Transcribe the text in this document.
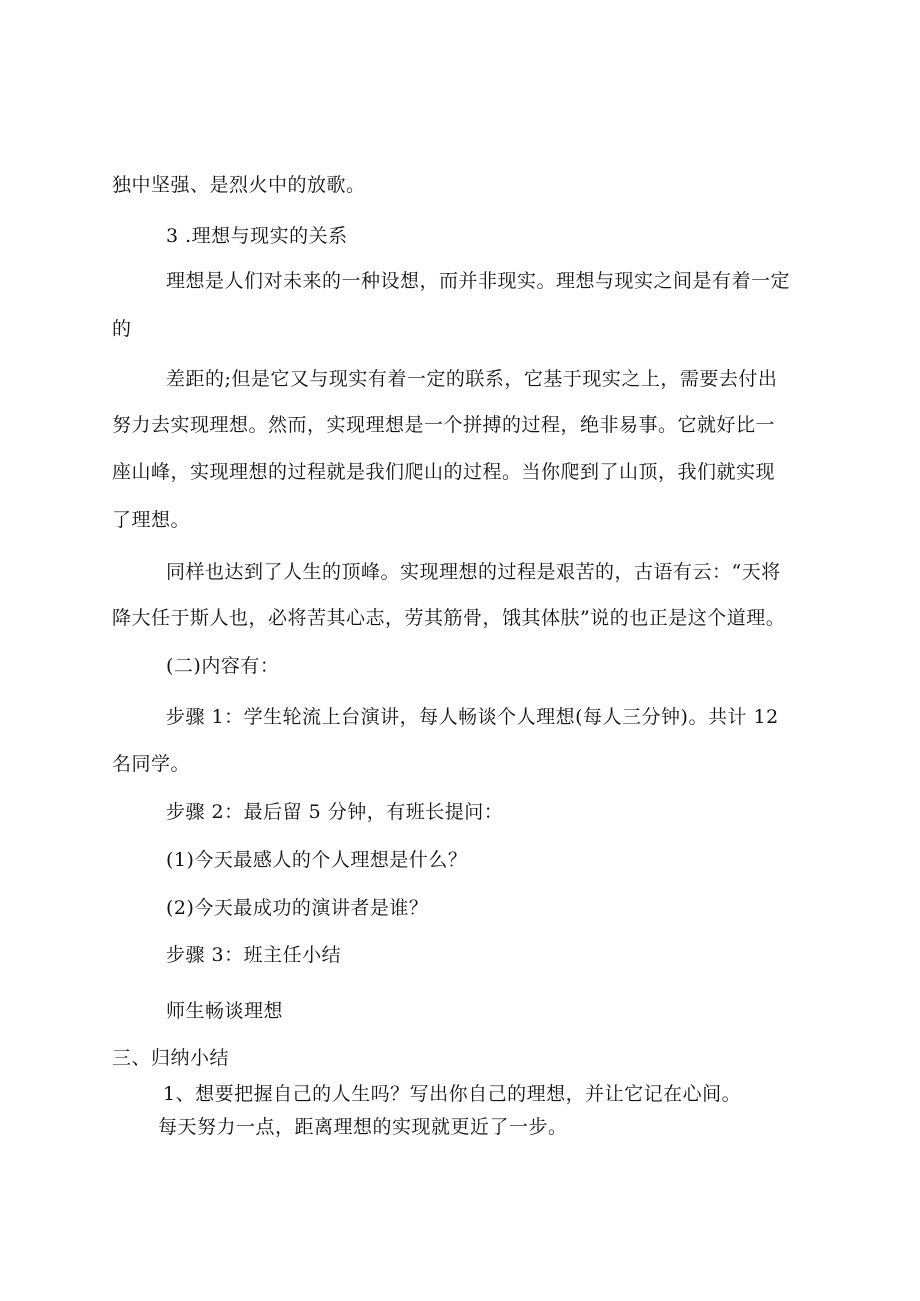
独中坚强、是烈火中的放歌。
3 .理想与现实的关系
理想是人们对未来的一种设想，而并非现实。理想与现实之间是有着一定
的
差距的;但是它又与现实有着一定的联系，它基于现实之上，需要去付出
努力去实现理想。然而，实现理想是一个拼搏的过程，绝非易事。它就好比一
座山峰，实现理想的过程就是我们爬山的过程。当你爬到了山顶，我们就实现
了理想。
同样也达到了人生的顶峰。实现理想的过程是艰苦的，古语有云：“天将
降大任于斯人也，必将苦其心志，劳其筋骨，饿其体肤”说的也正是这个道理。
(二)内容有：
步骤 1：学生轮流上台演讲，每人畅谈个人理想(每人三分钟)。共计 12
名同学。
步骤 2：最后留 5 分钟，有班长提问：
(1)今天最感人的个人理想是什么？
(2)今天最成功的演讲者是谁？
步骤 3：班主任小结
师生畅谈理想
三、归纳小结
1、想要把握自己的人生吗？写出你自己的理想，并让它记在心间。
每天努力一点，距离理想的实现就更近了一步。
